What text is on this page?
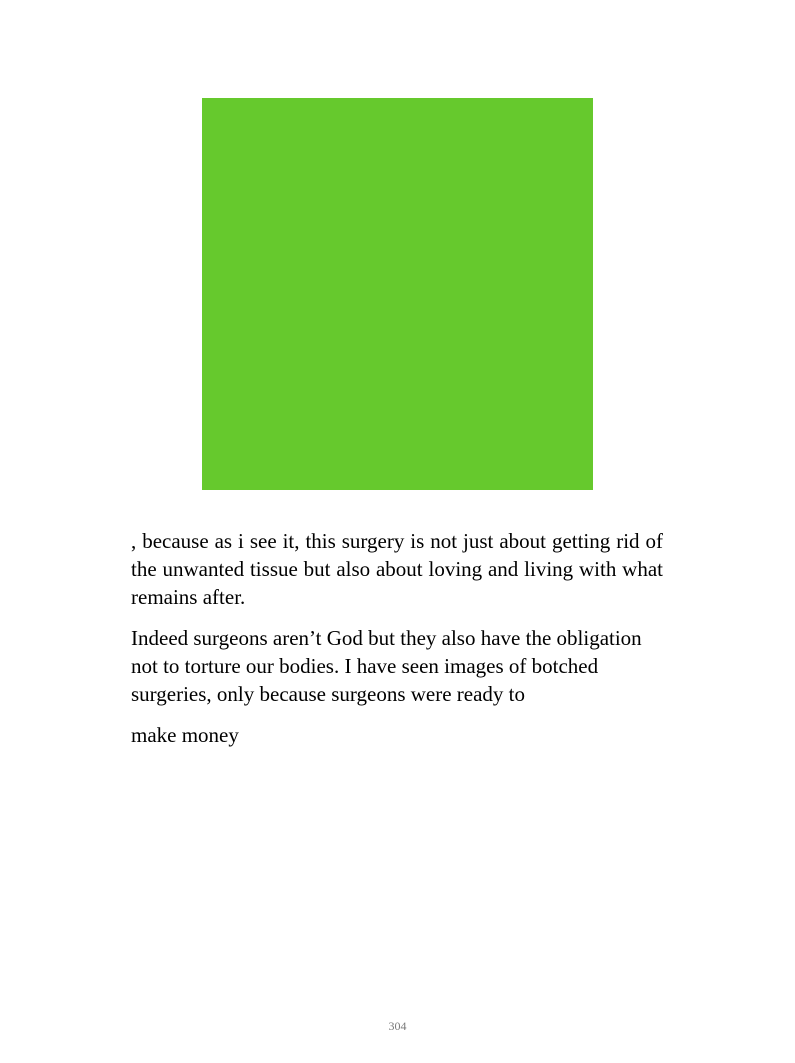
, because as i see it, this surgery is not just about getting rid of the unwanted tissue but also about loving and living with what remains after.

Indeed surgeons aren’t God but they also have the obligation not to torture our bodies. I have seen images of botched surgeries, only because surgeons were ready to

make money

304
